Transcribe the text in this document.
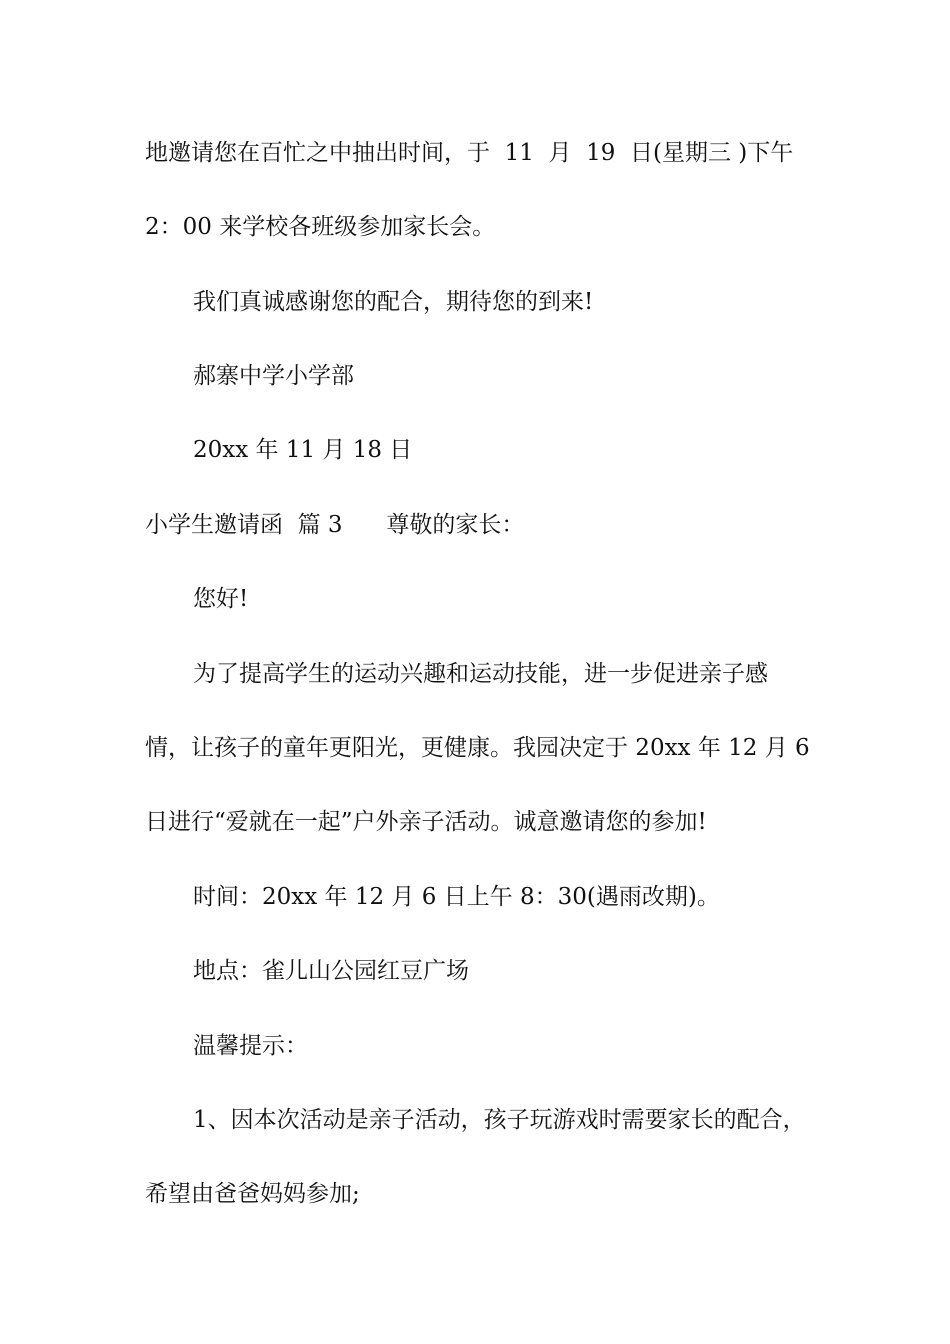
地邀请您在百忙之中抽出时间，于  11  月  19  日(星期三 )下午
2：00 来学校各班级参加家长会。
我们真诚感谢您的配合，期待您的到来!
郝寨中学小学部
20xx 年 11 月 18 日
小学生邀请函  篇 3      尊敬的家长：
您好!
为了提高学生的运动兴趣和运动技能，进一步促进亲子感
情，让孩子的童年更阳光，更健康。我园决定于 20xx 年 12 月 6
日进行“爱就在一起”户外亲子活动。诚意邀请您的参加!
时间：20xx 年 12 月 6 日上午 8：30(遇雨改期)。
地点：雀儿山公园红豆广场
温馨提示：
1、因本次活动是亲子活动，孩子玩游戏时需要家长的配合，
希望由爸爸妈妈参加;
